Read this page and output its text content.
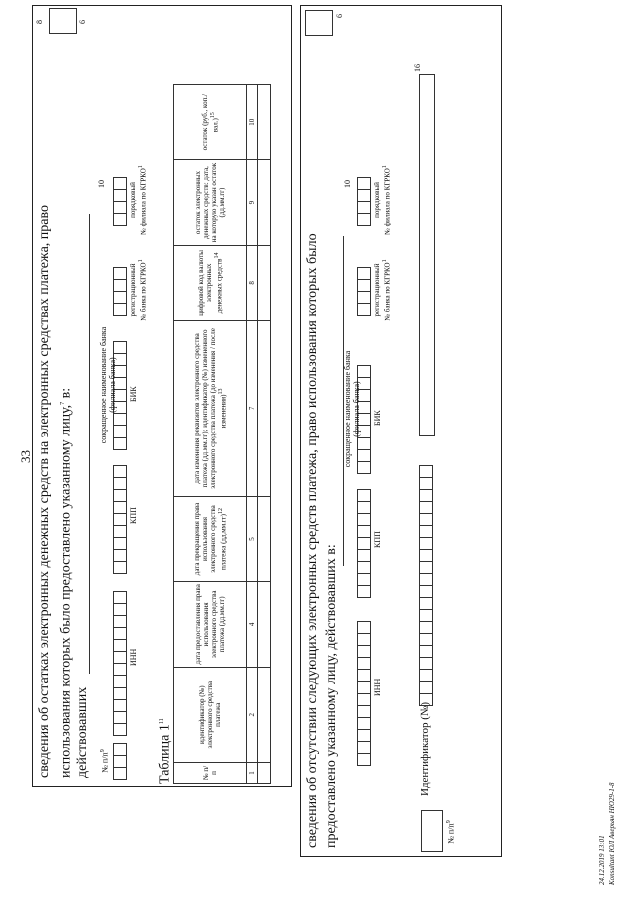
33 сведения об остатках электронных денежных средств на электронных средствах платежа, право использования которых было предоставлено указанному лицу,$^7$ в:
действовавших
8	6
№ $п/п^9$
ИНН
КПП
БИК
сокращенное наименование банка (филиала банка)
регистрационный № банка по КГРКО1
порядковый № филиала по КГРКО1
10
Таблица $1^{11}$
№ п/п	идентификатор (№) электронного средства платежа	дата предоставления права использования электронного средства платежа (дд.мм.гг)	дата прекращения права использования электронного средства платежа (дд.мм.гг)12	дата изменения реквизитов электронного средства платежа (дд.мм.гг); идентификатор (№) измененного электронного средства платежа (до изменения / после изменения)13	цифровой код валюты электронных денежных средств14	остаток электронных денежных средств: дата, на которую указан остаток (дд.мм.гг)	остаток (руб., коп./вал.)15
1	2	4	5	7	8	9	10

сведения об отсутствии следующих электронных средств платежа, право использования которых было предоставлено указанному лицу, действовавших в:
6
ИНН
КПП
БИК
сокращенное наименование банка (филиала банка)
регистрационный № банка по КГРКО1
порядковый № филиала по КГРКО1
10
№ $п/п^9$
Идентификатор (№)
16
24.12.2019 13:01 Konsultant ЮЛ Аверьян НЮ29-1-8
